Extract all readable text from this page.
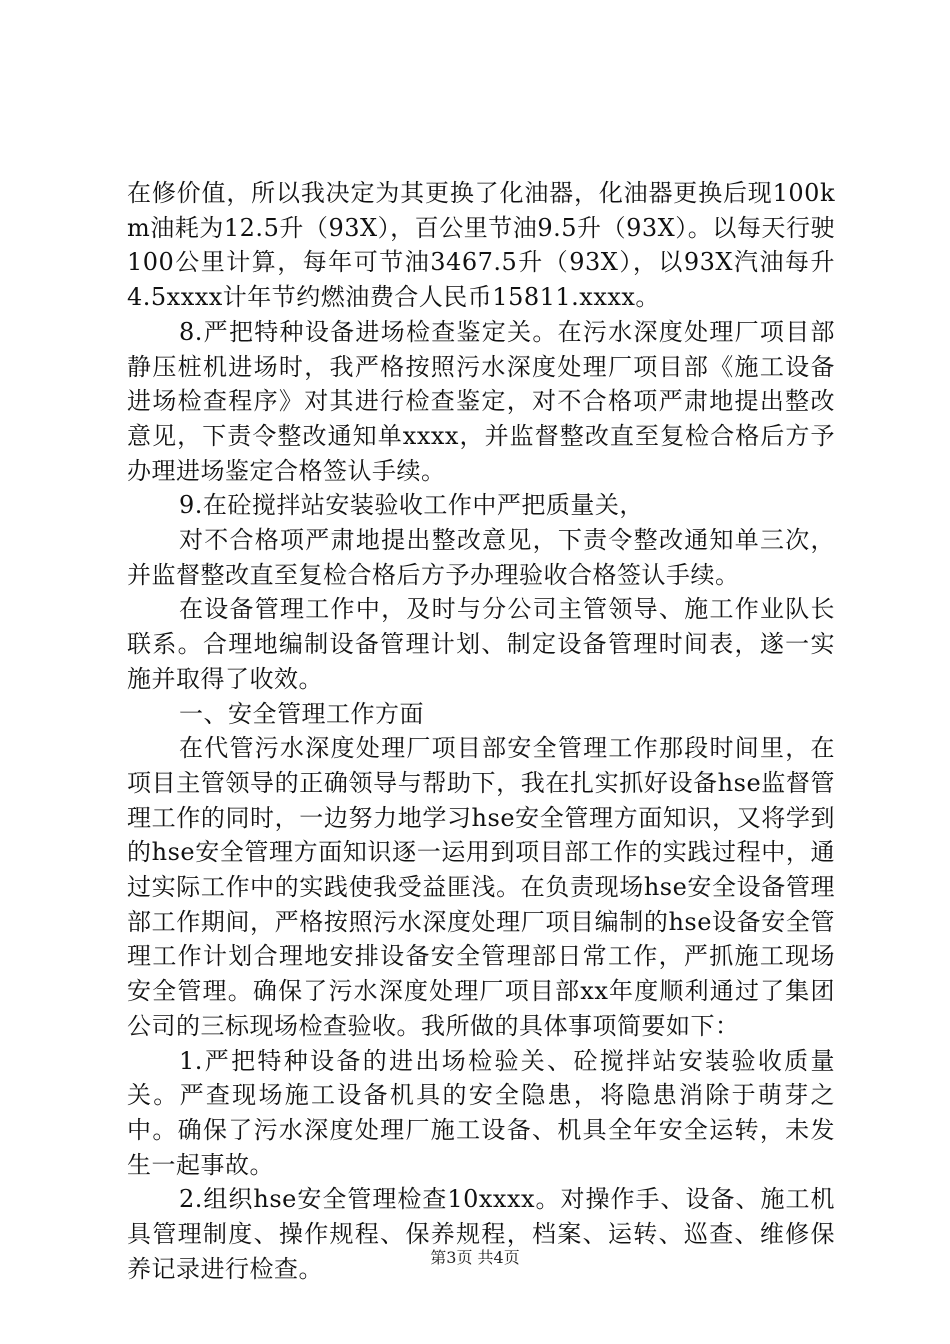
在修价值，所以我决定为其更换了化油器，化油器更换后现100km油耗为12.5升（93X），百公里节油9.5升（93X）。以每天行驶100公里计算，每年可节油3467.5升（93X），以93X汽油每升4.5xxxx计年节约燃油费合人民币15811.xxxx。

8.严把特种设备进场检查鉴定关。在污水深度处理厂项目部静压桩机进场时，我严格按照污水深度处理厂项目部《施工设备进场检查程序》对其进行检查鉴定，对不合格项严肃地提出整改意见，下责令整改通知单xxxx，并监督整改直至复检合格后方予办理进场鉴定合格签认手续。

9.在砼搅拌站安装验收工作中严把质量关，

对不合格项严肃地提出整改意见，下责令整改通知单三次，并监督整改直至复检合格后方予办理验收合格签认手续。

在设备管理工作中，及时与分公司主管领导、施工作业队长联系。合理地编制设备管理计划、制定设备管理时间表，遂一实施并取得了收效。

一、安全管理工作方面

在代管污水深度处理厂项目部安全管理工作那段时间里，在项目主管领导的正确领导与帮助下，我在扎实抓好设备hse监督管理工作的同时，一边努力地学习hse安全管理方面知识，又将学到的hse安全管理方面知识逐一运用到项目部工作的实践过程中，通过实际工作中的实践使我受益匪浅。在负责现场hse安全设备管理部工作期间，严格按照污水深度处理厂项目编制的hse设备安全管理工作计划合理地安排设备安全管理部日常工作，严抓施工现场安全管理。确保了污水深度处理厂项目部xx年度顺利通过了集团公司的三标现场检查验收。我所做的具体事项简要如下：

1.严把特种设备的进出场检验关、砼搅拌站安装验收质量关。严查现场施工设备机具的安全隐患，将隐患消除于萌芽之中。确保了污水深度处理厂施工设备、机具全年安全运转，未发生一起事故。

2.组织hse安全管理检查10xxxx。对操作手、设备、施工机具管理制度、操作规程、保养规程，档案、运转、巡查、维修保养记录进行检查。	第3页 共4页
